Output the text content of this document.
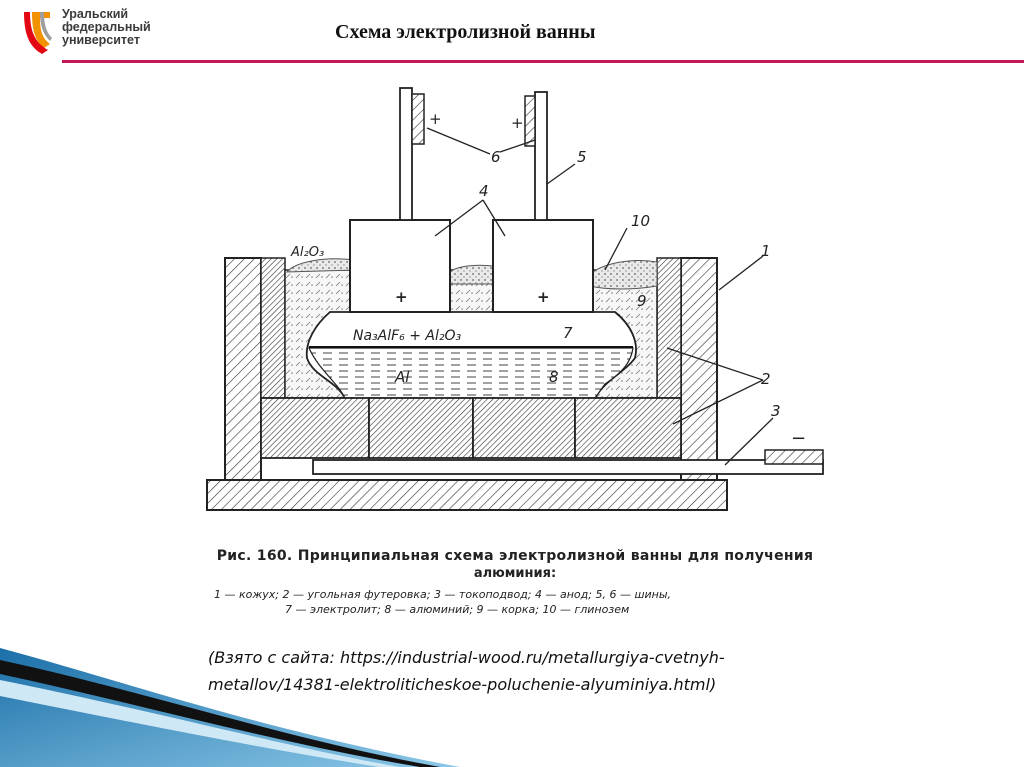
Уральский
федеральный
университет	Схема электролизной ванны
+	+
6	5
4
10
1
Al₂O₃
9
Na₃AlF₆ + Al₂O₃	7
Al	8	2
3
−
+	+
Рис. 160. Принципиальная схема электролизной ванны для получения
алюминия:
1 — кожух; 2 — угольная футеровка; 3 — токоподвод; 4 — анод; 5, 6 — шины,
7 — электролит; 8 — алюминий; 9 — корка; 10 — глинозем
(Взято с сайта: https://industrial-wood.ru/metallurgiya-cvetnyh-
metallov/14381-elektroliticheskoe-poluchenie-alyuminiya.html)
